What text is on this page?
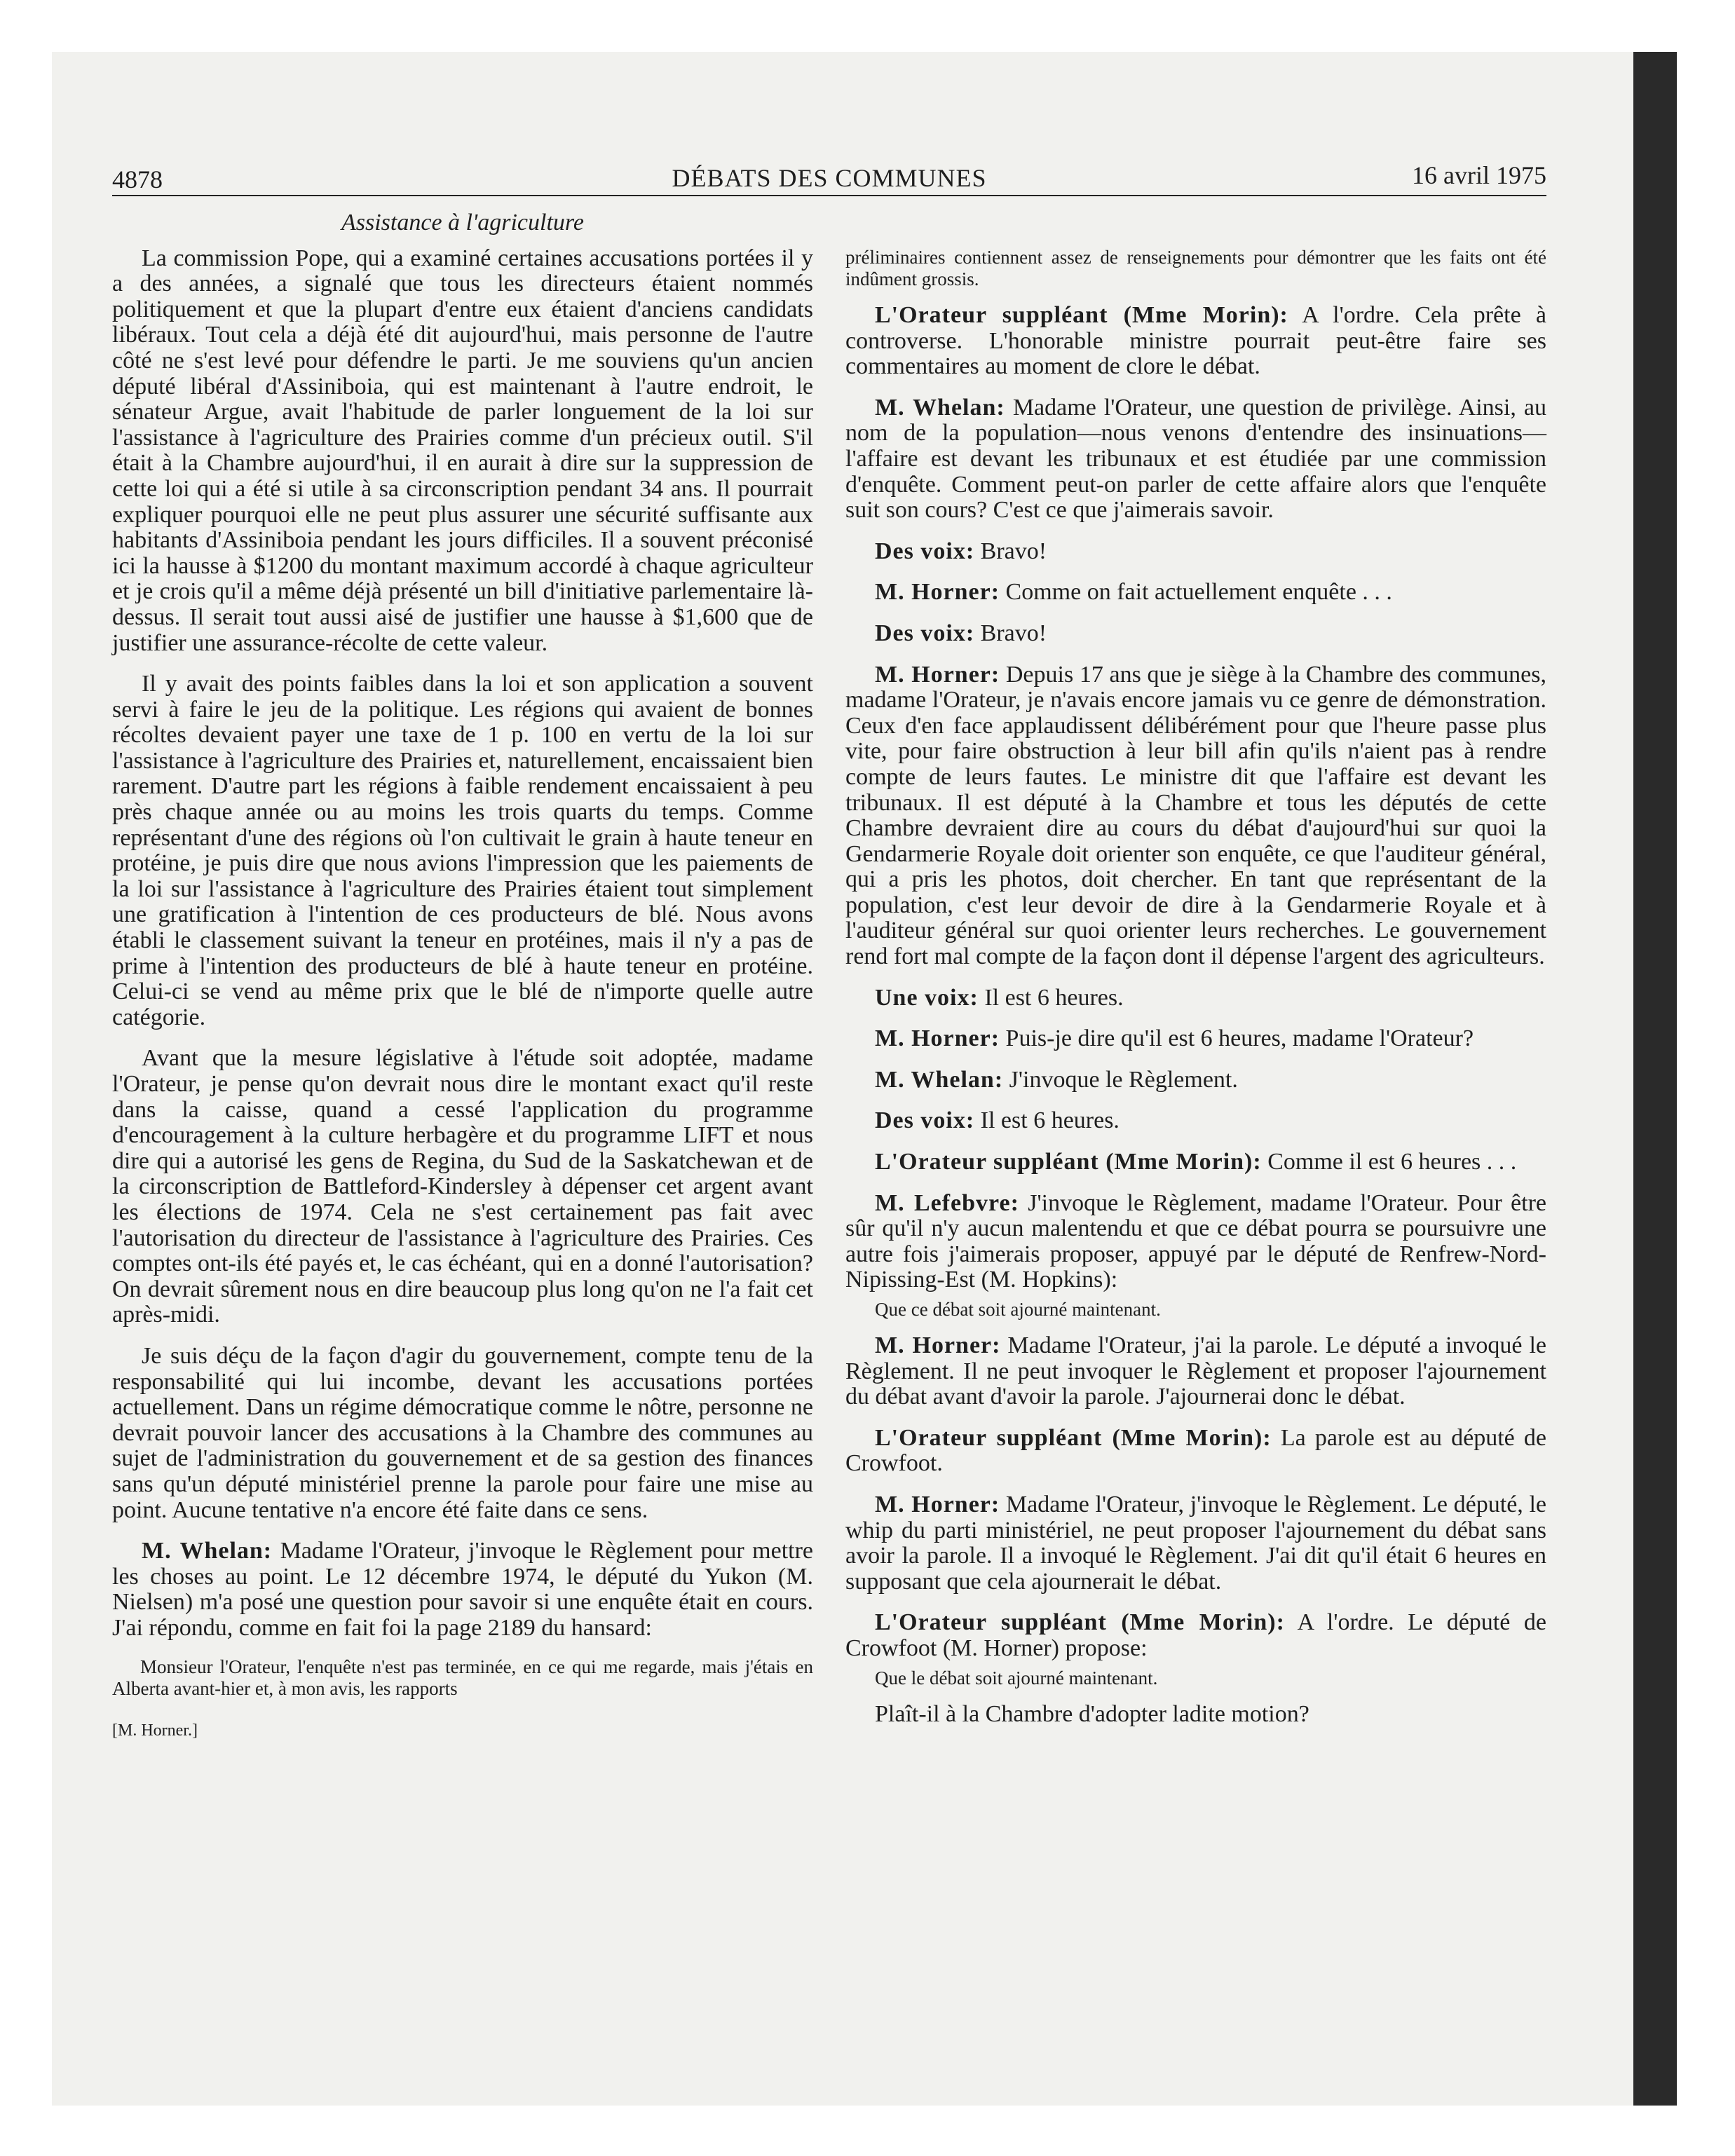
4878	DÉBATS DES COMMUNES	16 avril 1975

Assistance à l'agriculture

La commission Pope, qui a examiné certaines accusations portées il y a des années, a signalé que tous les directeurs étaient nommés politiquement et que la plupart d'entre eux étaient d'anciens candidats libéraux. Tout cela a déjà été dit aujourd'hui, mais personne de l'autre côté ne s'est levé pour défendre le parti. Je me souviens qu'un ancien député libéral d'Assiniboia, qui est maintenant à l'autre endroit, le sénateur Argue, avait l'habitude de parler longuement de la loi sur l'assistance à l'agriculture des Prairies comme d'un précieux outil. S'il était à la Chambre aujourd'hui, il en aurait à dire sur la suppression de cette loi qui a été si utile à sa circonscription pendant 34 ans. Il pourrait expliquer pourquoi elle ne peut plus assurer une sécurité suffisante aux habitants d'Assiniboia pendant les jours difficiles. Il a souvent préconisé ici la hausse à $1200 du montant maximum accordé à chaque agriculteur et je crois qu'il a même déjà présenté un bill d'initiative parlementaire là-dessus. Il serait tout aussi aisé de justifier une hausse à $1,600 que de justifier une assurance-récolte de cette valeur.

Il y avait des points faibles dans la loi et son application a souvent servi à faire le jeu de la politique. Les régions qui avaient de bonnes récoltes devaient payer une taxe de 1 p. 100 en vertu de la loi sur l'assistance à l'agriculture des Prairies et, naturellement, encaissaient bien rarement. D'autre part les régions à faible rendement encaissaient à peu près chaque année ou au moins les trois quarts du temps. Comme représentant d'une des régions où l'on cultivait le grain à haute teneur en protéine, je puis dire que nous avions l'impression que les paiements de la loi sur l'assistance à l'agriculture des Prairies étaient tout simplement une gratification à l'intention de ces producteurs de blé. Nous avons établi le classement suivant la teneur en protéines, mais il n'y a pas de prime à l'intention des producteurs de blé à haute teneur en protéine. Celui-ci se vend au même prix que le blé de n'importe quelle autre catégorie.

Avant que la mesure législative à l'étude soit adoptée, madame l'Orateur, je pense qu'on devrait nous dire le montant exact qu'il reste dans la caisse, quand a cessé l'application du programme d'encouragement à la culture herbagère et du programme LIFT et nous dire qui a autorisé les gens de Regina, du Sud de la Saskatchewan et de la circonscription de Battleford-Kindersley à dépenser cet argent avant les élections de 1974. Cela ne s'est certainement pas fait avec l'autorisation du directeur de l'assistance à l'agriculture des Prairies. Ces comptes ont-ils été payés et, le cas échéant, qui en a donné l'autorisation? On devrait sûrement nous en dire beaucoup plus long qu'on ne l'a fait cet après-midi.

Je suis déçu de la façon d'agir du gouvernement, compte tenu de la responsabilité qui lui incombe, devant les accusations portées actuellement. Dans un régime démocratique comme le nôtre, personne ne devrait pouvoir lancer des accusations à la Chambre des communes au sujet de l'administration du gouvernement et de sa gestion des finances sans qu'un député ministériel prenne la parole pour faire une mise au point. Aucune tentative n'a encore été faite dans ce sens.

M. Whelan: Madame l'Orateur, j'invoque le Règlement pour mettre les choses au point. Le 12 décembre 1974, le député du Yukon (M. Nielsen) m'a posé une question pour savoir si une enquête était en cours. J'ai répondu, comme en fait foi la page 2189 du hansard:

Monsieur l'Orateur, l'enquête n'est pas terminée, en ce qui me regarde, mais j'étais en Alberta avant-hier et, à mon avis, les rapports

[M. Horner.]

préliminaires contiennent assez de renseignements pour démontrer que les faits ont été indûment grossis.

L'Orateur suppléant (Mme Morin): A l'ordre. Cela prête à controverse. L'honorable ministre pourrait peut-être faire ses commentaires au moment de clore le débat.

M. Whelan: Madame l'Orateur, une question de privilège. Ainsi, au nom de la population—nous venons d'entendre des insinuations—l'affaire est devant les tribunaux et est étudiée par une commission d'enquête. Comment peut-on parler de cette affaire alors que l'enquête suit son cours? C'est ce que j'aimerais savoir.

Des voix: Bravo!

M. Horner: Comme on fait actuellement enquête . . .

Des voix: Bravo!

M. Horner: Depuis 17 ans que je siège à la Chambre des communes, madame l'Orateur, je n'avais encore jamais vu ce genre de démonstration. Ceux d'en face applaudissent délibérément pour que l'heure passe plus vite, pour faire obstruction à leur bill afin qu'ils n'aient pas à rendre compte de leurs fautes. Le ministre dit que l'affaire est devant les tribunaux. Il est député à la Chambre et tous les députés de cette Chambre devraient dire au cours du débat d'aujourd'hui sur quoi la Gendarmerie Royale doit orienter son enquête, ce que l'auditeur général, qui a pris les photos, doit chercher. En tant que représentant de la population, c'est leur devoir de dire à la Gendarmerie Royale et à l'auditeur général sur quoi orienter leurs recherches. Le gouvernement rend fort mal compte de la façon dont il dépense l'argent des agriculteurs.

Une voix: Il est 6 heures.

M. Horner: Puis-je dire qu'il est 6 heures, madame l'Orateur?

M. Whelan: J'invoque le Règlement.

Des voix: Il est 6 heures.

L'Orateur suppléant (Mme Morin): Comme il est 6 heures . . .

M. Lefebvre: J'invoque le Règlement, madame l'Orateur. Pour être sûr qu'il n'y aucun malentendu et que ce débat pourra se poursuivre une autre fois j'aimerais proposer, appuyé par le député de Renfrew-Nord-Nipissing-Est (M. Hopkins):

Que ce débat soit ajourné maintenant.

M. Horner: Madame l'Orateur, j'ai la parole. Le député a invoqué le Règlement. Il ne peut invoquer le Règlement et proposer l'ajournement du débat avant d'avoir la parole. J'ajournerai donc le débat.

L'Orateur suppléant (Mme Morin): La parole est au député de Crowfoot.

M. Horner: Madame l'Orateur, j'invoque le Règlement. Le député, le whip du parti ministériel, ne peut proposer l'ajournement du débat sans avoir la parole. Il a invoqué le Règlement. J'ai dit qu'il était 6 heures en supposant que cela ajournerait le débat.

L'Orateur suppléant (Mme Morin): A l'ordre. Le député de Crowfoot (M. Horner) propose:

Que le débat soit ajourné maintenant.

Plaît-il à la Chambre d'adopter ladite motion?
